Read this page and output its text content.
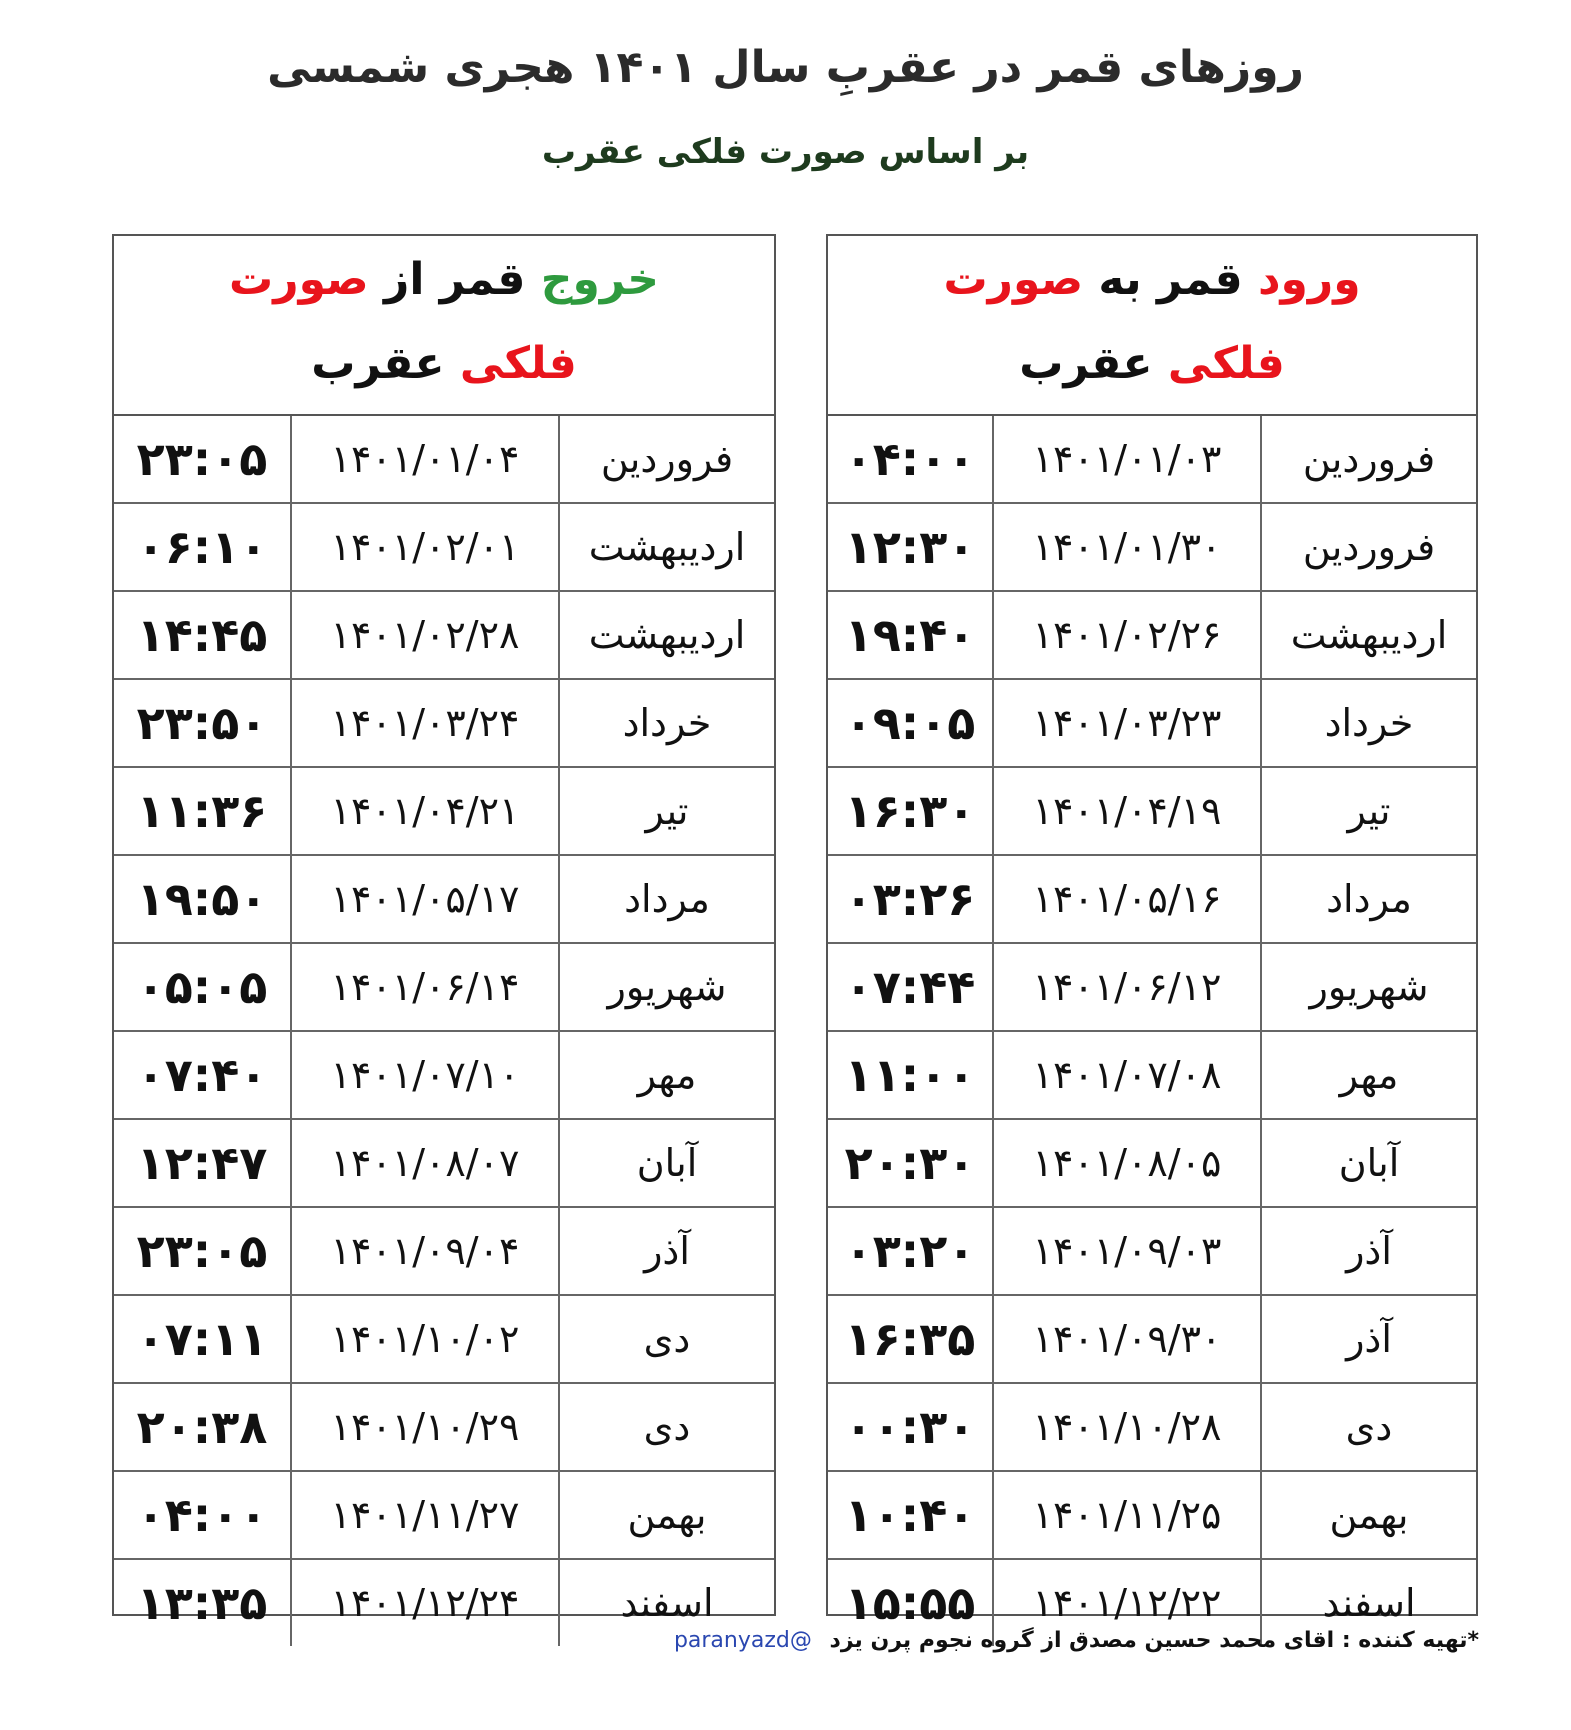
روزهای قمر در عقربِ سال ۱۴۰۱ هجری شمسی
بر اساس صورت فلکی عقرب
خروج قمر از صورت
فلکی عقرب
فروردین	۱۴۰۱/۰۱/۰۴	۲۳:۰۵
اردیبهشت	۱۴۰۱/۰۲/۰۱	۰۶:۱۰
اردیبهشت	۱۴۰۱/۰۲/۲۸	۱۴:۴۵
خرداد	۱۴۰۱/۰۳/۲۴	۲۳:۵۰
تیر	۱۴۰۱/۰۴/۲۱	۱۱:۳۶
مرداد	۱۴۰۱/۰۵/۱۷	۱۹:۵۰
شهریور	۱۴۰۱/۰۶/۱۴	۰۵:۰۵
مهر	۱۴۰۱/۰۷/۱۰	۰۷:۴۰
آبان	۱۴۰۱/۰۸/۰۷	۱۲:۴۷
آذر	۱۴۰۱/۰۹/۰۴	۲۳:۰۵
دی	۱۴۰۱/۱۰/۰۲	۰۷:۱۱
دی	۱۴۰۱/۱۰/۲۹	۲۰:۳۸
بهمن	۱۴۰۱/۱۱/۲۷	۰۴:۰۰
اسفند	۱۴۰۱/۱۲/۲۴	۱۳:۳۵
ورود قمر به صورت
فلکی عقرب
فروردین	۱۴۰۱/۰۱/۰۳	۰۴:۰۰
فروردین	۱۴۰۱/۰۱/۳۰	۱۲:۳۰
اردیبهشت	۱۴۰۱/۰۲/۲۶	۱۹:۴۰
خرداد	۱۴۰۱/۰۳/۲۳	۰۹:۰۵
تیر	۱۴۰۱/۰۴/۱۹	۱۶:۳۰
مرداد	۱۴۰۱/۰۵/۱۶	۰۳:۲۶
شهریور	۱۴۰۱/۰۶/۱۲	۰۷:۴۴
مهر	۱۴۰۱/۰۷/۰۸	۱۱:۰۰
آبان	۱۴۰۱/۰۸/۰۵	۲۰:۳۰
آذر	۱۴۰۱/۰۹/۰۳	۰۳:۲۰
آذر	۱۴۰۱/۰۹/۳۰	۱۶:۳۵
دی	۱۴۰۱/۱۰/۲۸	۰۰:۳۰
بهمن	۱۴۰۱/۱۱/۲۵	۱۰:۴۰
اسفند	۱۴۰۱/۱۲/۲۲	۱۵:۵۵
*تهیه کننده : اقای محمد حسین مصدق از گروه نجوم پرن یزد @paranyazd
